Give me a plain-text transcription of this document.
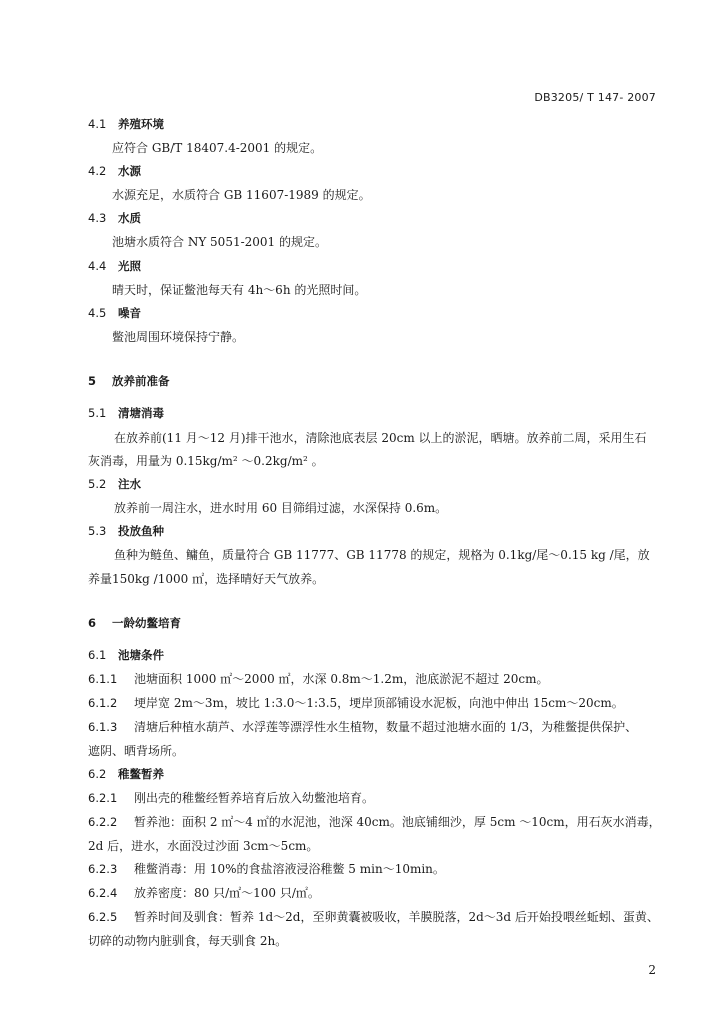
DB3205/ T 147- 2007
4.1 养殖环境
应符合 GB/T 18407.4-2001 的规定。
4.2 水源
水源充足，水质符合 GB 11607-1989 的规定。
4.3 水质
池塘水质符合 NY 5051-2001 的规定。
4.4 光照
晴天时，保证鳖池每天有 4h～6h 的光照时间。
4.5 噪音
鳖池周围环境保持宁静。
5 放养前准备
5.1 清塘消毒
在放养前(11 月～12 月)排干池水，清除池底表层 20cm 以上的淤泥，晒塘。放养前二周，采用生石
灰消毒，用量为 0.15kg/m² ～0.2kg/m² 。
5.2 注水
放养前一周注水，进水时用 60 目筛绢过滤，水深保持 0.6m。
5.3 投放鱼种
鱼种为鲢鱼、鳙鱼，质量符合 GB 11777、GB 11778 的规定，规格为 0.1kg/尾～0.15 kg /尾，放
养量150kg /1000 ㎡，选择晴好天气放养。
6 一龄幼鳖培育
6.1 池塘条件
6.1.1 池塘面积 1000 ㎡～2000 ㎡，水深 0.8m～1.2m，池底淤泥不超过 20cm。
6.1.2 埂岸宽 2m～3m，坡比 1:3.0～1:3.5，埂岸顶部铺设水泥板，向池中伸出 15cm～20cm。
6.1.3 清塘后种植水葫芦、水浮莲等漂浮性水生植物，数量不超过池塘水面的 1/3，为稚鳖提供保护、
遮阴、晒背场所。
6.2 稚鳖暂养
6.2.1 刚出壳的稚鳖经暂养培育后放入幼鳖池培育。
6.2.2 暂养池：面积 2 ㎡～4 ㎡的水泥池，池深 40cm。池底铺细沙，厚 5cm ～10cm，用石灰水消毒，
2d 后，进水，水面没过沙面 3cm～5cm。
6.2.3 稚鳖消毒：用 10%的食盐溶液浸浴稚鳖 5 min～10min。
6.2.4 放养密度：80 只/㎡～100 只/㎡。
6.2.5 暂养时间及驯食：暂养 1d～2d，至卵黄囊被吸收，羊膜脱落，2d～3d 后开始投喂丝蚯蚓、蛋黄、
切碎的动物内脏驯食，每天驯食 2h。
2
